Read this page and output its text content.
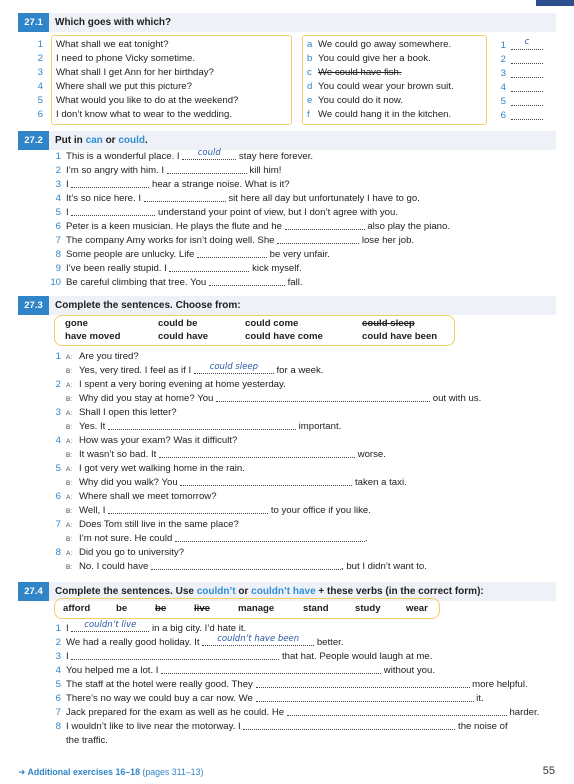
27.1	Which goes with which?
1 What shall we eat tonight?
2 I need to phone Vicky sometime.
3 What shall I get Ann for her birthday?
4 Where shall we put this picture?
5 What would you like to do at the weekend?
6 I don’t know what to wear to the wedding.
a We could go away somewhere.
b You could give her a book.
c We could have fish.
d You could wear your brown suit.
e You could do it now.
f We could hang it in the kitchen.
1	c
2
3
4
5
6
27.2	Put in can or could.
1 This is a wonderful place. I	could	stay here forever.
2 I’m so angry with him. I	kill him!
3 I	hear a strange noise. What is it?
4 It’s so nice here. I	sit here all day but unfortunately I have to go.
5 I	understand your point of view, but I don’t agree with you.
6 Peter is a keen musician. He plays the flute and he	also play the piano.
7 The company Amy works for isn’t doing well. She	lose her job.
8 Some people are unlucky. Life	be very unfair.
9 I’ve been really stupid. I	kick myself.
10 Be careful climbing that tree. You	fall.
27.3	Complete the sentences. Choose from:
gone	could be	could come	could sleep
have moved	could have	could have come	could have been
1 A: Are you tired?
B: Yes, very tired. I feel as if I	could sleep	for a week.
2 A: I spent a very boring evening at home yesterday.
B: Why did you stay at home? You	out with us.
3 A: Shall I open this letter?
B: Yes. It	important.
4 A: How was your exam? Was it difficult?
B: It wasn’t so bad. It	worse.
5 A: I got very wet walking home in the rain.
B: Why did you walk? You	taken a taxi.
6 A: Where shall we meet tomorrow?
B: Well, I	to your office if you like.
7 A: Does Tom still live in the same place?
B: I’m not sure. He could	.
8 A: Did you go to university?
B: No. I could have	, but I didn’t want to.
27.4	Complete the sentences. Use couldn’t or couldn’t have + these verbs (in the correct form):
afford	be	be	live	manage	stand	study	wear
1 I	couldn’t live	in a big city. I’d hate it.
2 We had a really good holiday. It	couldn’t have been	better.
3 I	that hat. People would laugh at me.
4 You helped me a lot. I	without you.
5 The staff at the hotel were really good. They	more helpful.
6 There’s no way we could buy a car now. We	it.
7 Jack prepared for the exam as well as he could. He	harder.
8 I wouldn’t like to live near the motorway. I	the noise of
the traffic.
➜ Additional exercises 16–18 (pages 311–13)	55
